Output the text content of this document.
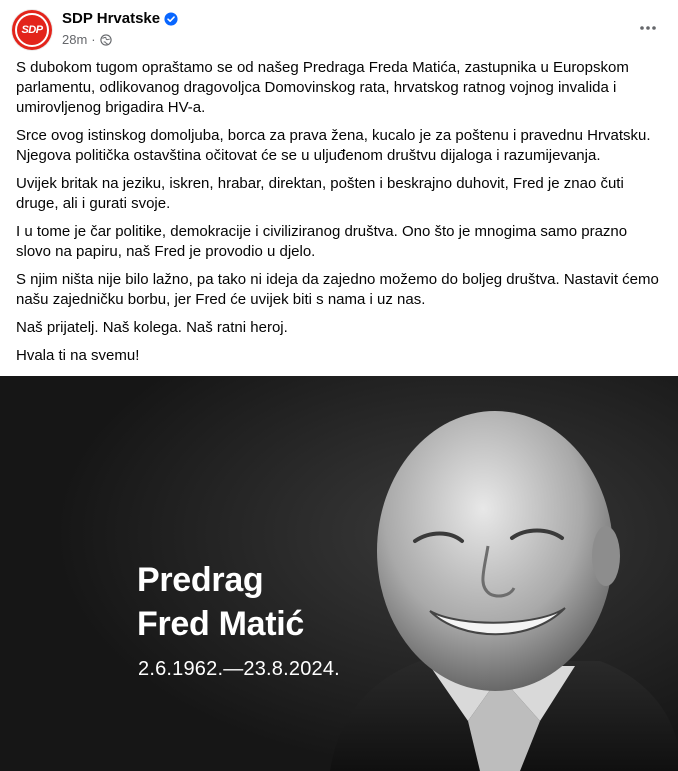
SDP
SDP Hrvatske
28m ·

S dubokom tugom opraštamo se od našeg Predraga Freda Matića, zastupnika u Europskom parlamentu, odlikovanog dragovoljca Domovinskog rata, hrvatskog ratnog vojnog invalida i umirovljenog brigadira HV-a.

Srce ovog istinskog domoljuba, borca za prava žena, kucalo je za poštenu i pravednu Hrvatsku. Njegova politička ostavština očitovat će se u uljuđenom društvu dijaloga i razumijevanja.

Uvijek britak na jeziku, iskren, hrabar, direktan, pošten i beskrajno duhovit, Fred je znao čuti druge, ali i gurati svoje.

I u tome je čar politike, demokracije i civiliziranog društva. Ono što je mnogima samo prazno slovo na papiru, naš Fred je provodio u djelo.

S njim ništa nije bilo lažno, pa tako ni ideja da zajedno možemo do boljeg društva. Nastavit ćemo našu zajedničku borbu, jer Fred će uvijek biti s nama i uz nas.

Naš prijatelj. Naš kolega. Naš ratni heroj.

Hvala ti na svemu!

Predrag
Fred Matić
2.6.1962.—23.8.2024.
